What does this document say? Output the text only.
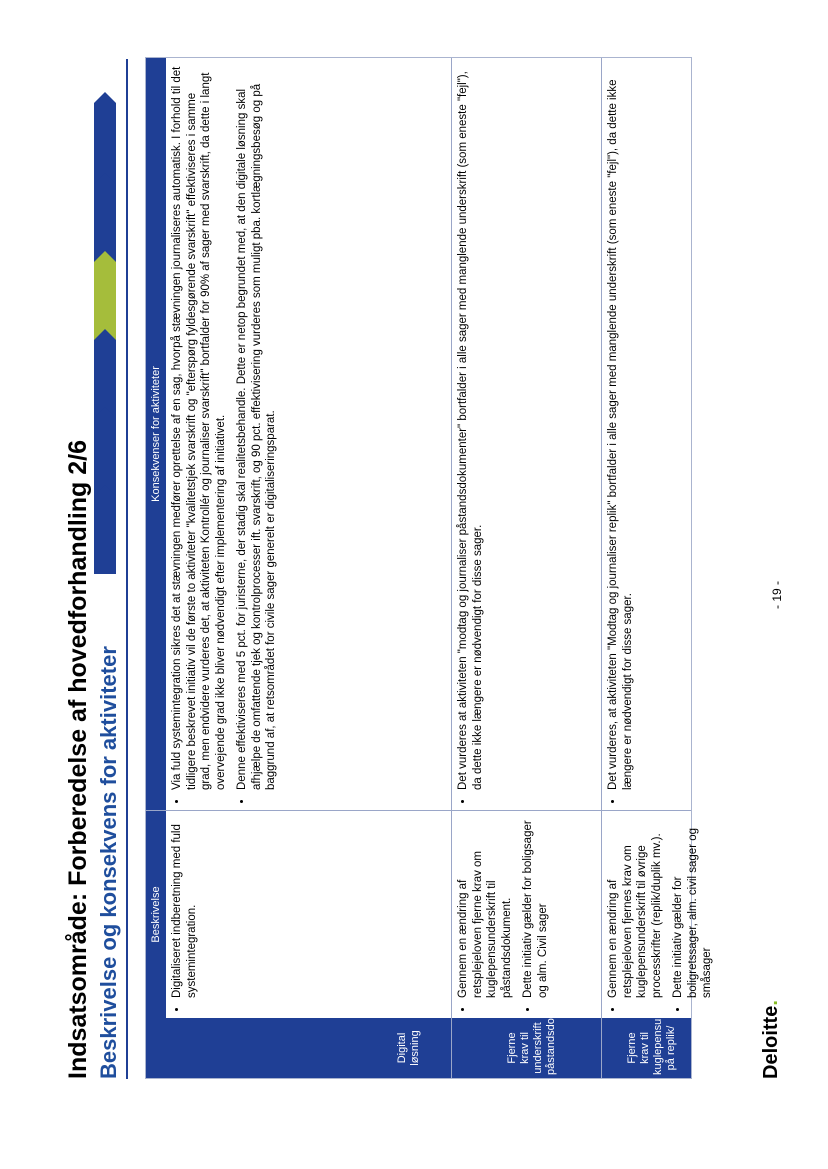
Indsatsområde: Forberedelse af hovedforhandling 2/6 Beskrivelse og konsekvens for aktiviteter	Beskrivelse
Konsekvenser for aktiviteter
Digital løsning
• Digitaliseret indberetning med fuld systemintegration.
• Via fuld systemintegration sikres det at stævningen medfører oprettelse af en sag, hvorpå stævningen journaliseres automatisk. I forhold til det tidligere beskrevet initiativ vil de første to aktiviteter "kvalitetstjek svarskrift og "efterspørg fyldesgørende svarskrift" effektiviseres i samme grad, men endvidere vurderes det, at aktiviteten Kontrollér og journaliser svarskrift" bortfalder for 90% af sager med svarskrift, da dette i langt overvejende grad ikke bliver nødvendigt efter implementering af initiativet. • Denne effektiviseres med 5 pct. for juristerne, der stadig skal realitetsbehandle. Dette er netop begrundet med, at den digitale løsning skal afhjælpe de omfattende tjek og kontrolprocesser ift. svarskrift, og 90 pct. effektivisering vurderes som muligt pba. kortlægningsbesøg og på baggrund af, at retsområdet for civile sager generelt er digitaliseringsparat.
Fjerne krav til underskrift påstandsdok.
• Gennem en ændring af retsplejeloven fjerne krav om kuglepensunderskrift til påstandsdokument. • Dette initiativ gælder for boligsager og alm. Civil sager
• Det vurderes at aktiviteten "modtag og journaliser påstandsdokumenter" bortfalder i alle sager med manglende underskrift (som eneste "fejl"), da dette ikke længere er nødvendigt for disse sager.
Fjerne krav til kuglepensunderskrift på replik/
• Gennem en ændring af retsplejeloven fjernes krav om kuglepensunderskrift til øvrige processkrifter (replik/duplik mv.). • Dette initiativ gælder for boligretssager, alm. civil sager og småsager
• Det vurderes, at aktiviteten "Modtag og journaliser replik" bortfalder i alle sager med manglende underskrift (som eneste "fejl"), da dette ikke længere er nødvendigt for disse sager.
Deloitte.
- 19 -
